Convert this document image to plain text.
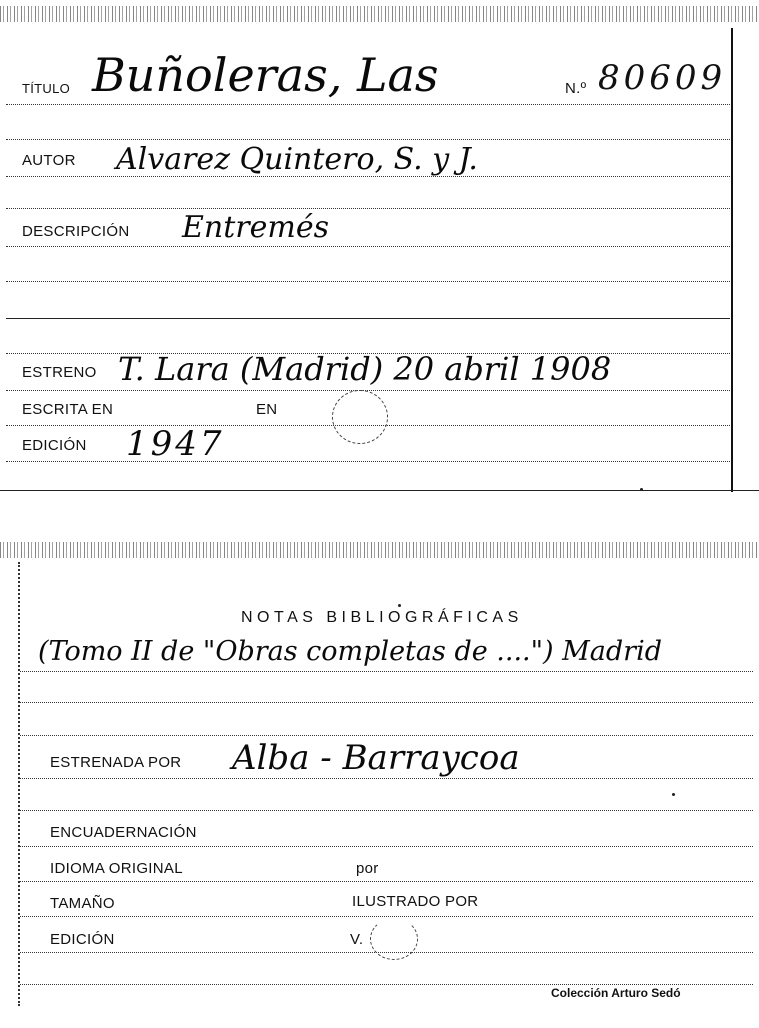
TÍTULO Buñoleras, Las	N.º 80609
AUTOR Alvarez Quintero, S. y J.
DESCRIPCIÓN Entremés
ESTRENO T. Lara (Madrid) 20 abril 1908
ESCRITA EN	EN
EDICIÓN 1947
NOTAS BIBLIOGRÁFICAS
(Tomo II de "Obras completas de ....") Madrid
ESTRENADA POR Alba - Barraycoa
ENCUADERNACIÓN
IDIOMA ORIGINAL	por
TAMAÑO	ILUSTRADO POR
EDICIÓN	V.
Colección Arturo Sedó
